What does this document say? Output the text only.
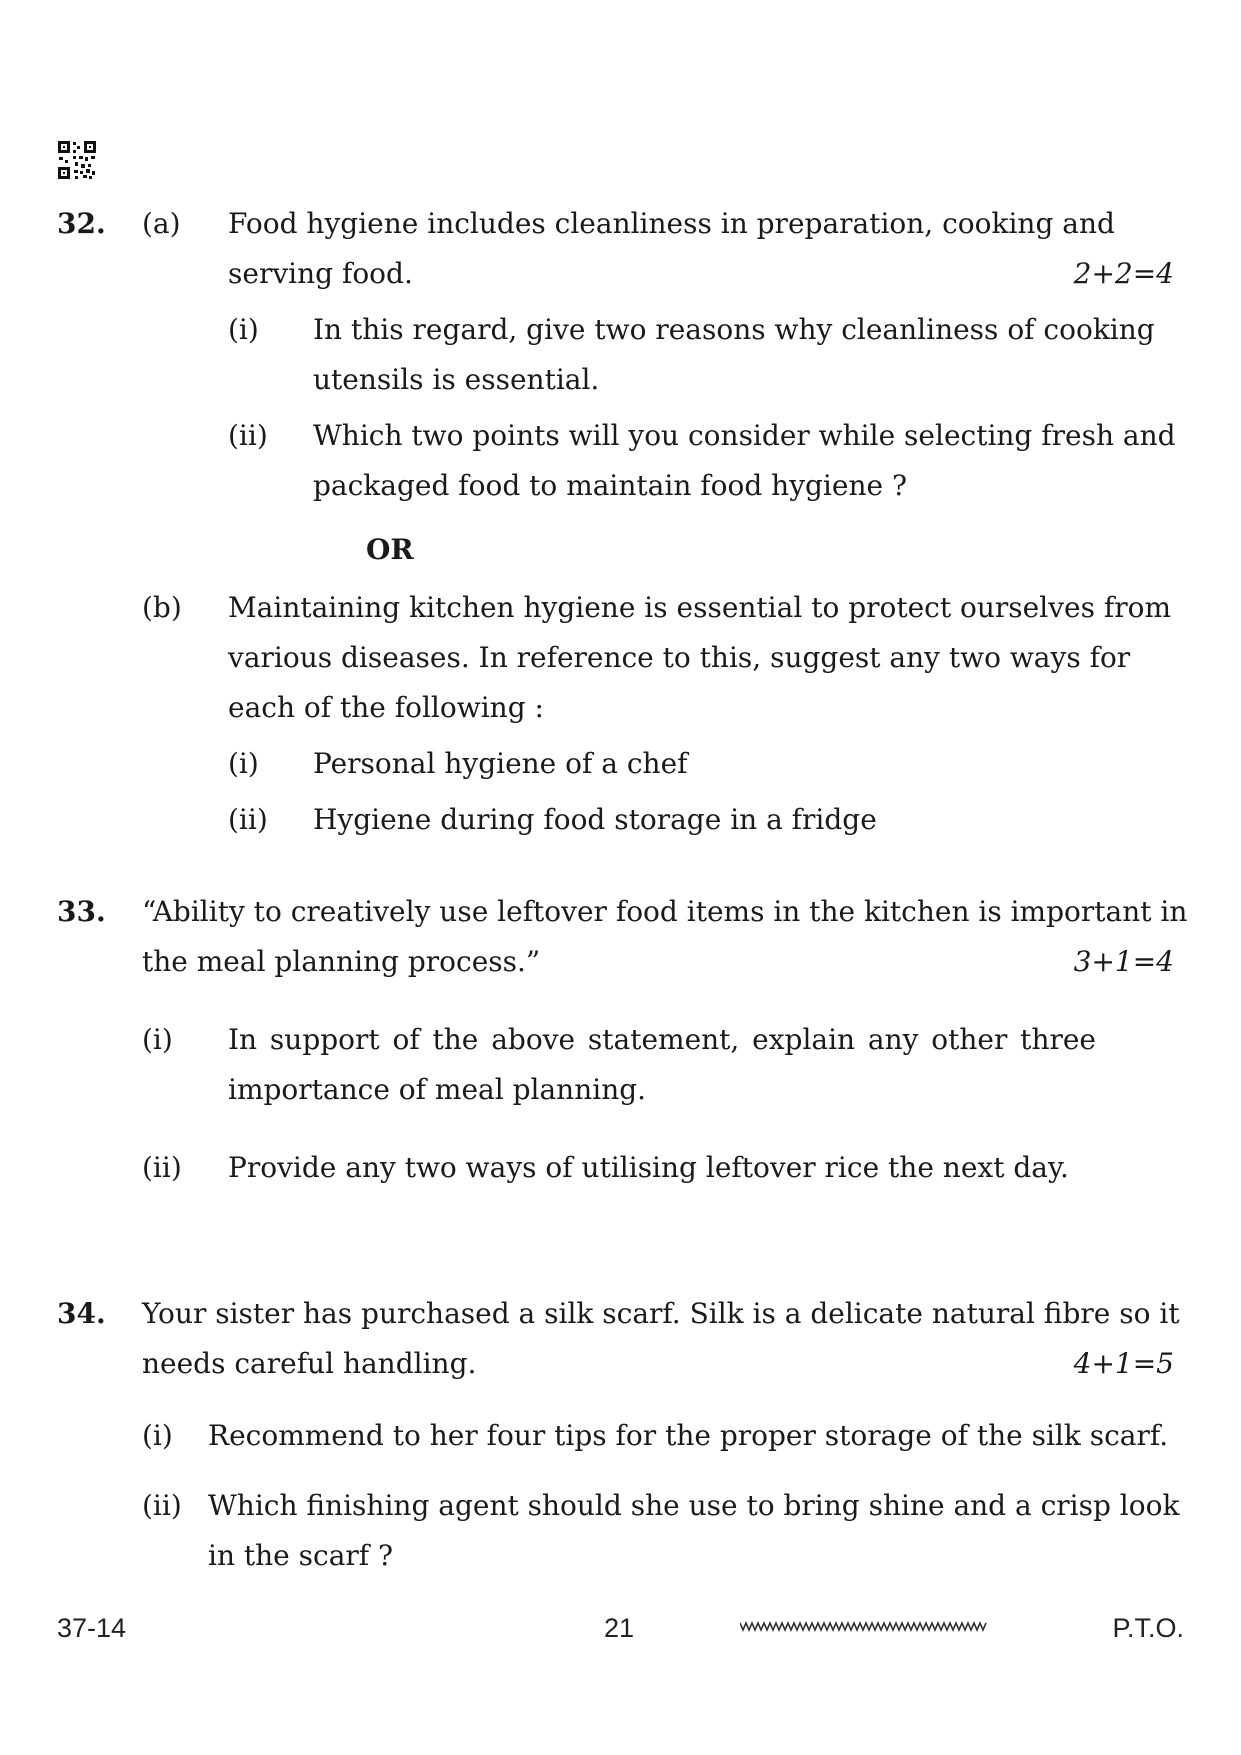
32. (a) Food hygiene includes cleanliness in preparation, cooking and
serving food.	2+2=4
(i) In this regard, give two reasons why cleanliness of cooking
utensils is essential.
(ii) Which two points will you consider while selecting fresh and
packaged food to maintain food hygiene ?
OR
(b) Maintaining kitchen hygiene is essential to protect ourselves from
various diseases. In reference to this, suggest any two ways for
each of the following :
(i) Personal hygiene of a chef
(ii) Hygiene during food storage in a fridge
33. “Ability to creatively use leftover food items in the kitchen is important in
the meal planning process.”	3+1=4
(i) In support of the above statement, explain any other three
importance of meal planning.
(ii) Provide any two ways of utilising leftover rice the next day.
34. Your sister has purchased a silk scarf. Silk is a delicate natural fibre so it
needs careful handling.	4+1=5
(i) Recommend to her four tips for the proper storage of the silk scarf.
(ii) Which finishing agent should she use to bring shine and a crisp look
in the scarf ?
37-14	21	P.T.O.
